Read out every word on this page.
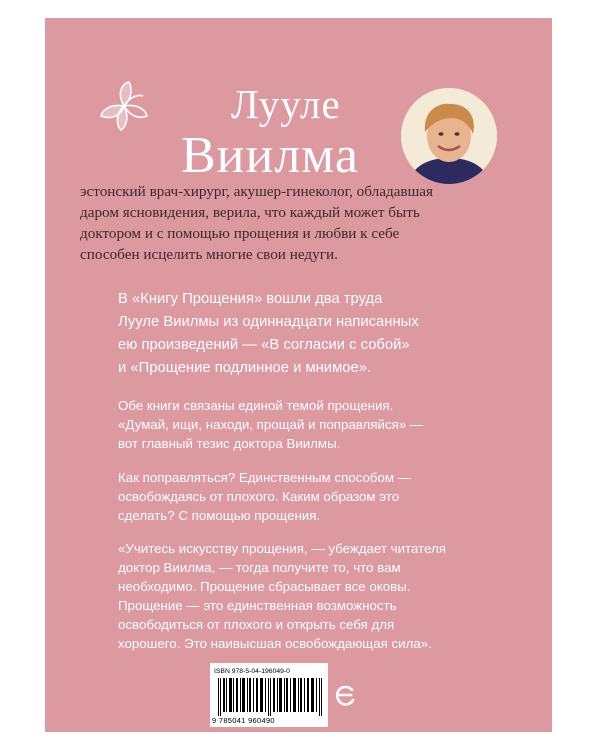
Лууле
Виилма

эстонский врач-хирург, акушер-гинеколог, обладавшая

даром ясновидения, верила, что каждый может быть

доктором и с помощью прощения и любви к себе

способен исцелить многие свои недуги.

В «Книгу Прощения» вошли два труда

Лууле Виилмы из одиннадцати написанных

ею произведений — «В согласии с собой»

и «Прощение подлинное и мнимое».

Обе книги связаны единой темой прощения.

«Думай, ищи, находи, прощай и поправляйся» —

вот главный тезис доктора Виилмы.

Как поправляться? Единственным способом —

освобождаясь от плохого. Каким образом это

сделать? С помощью прощения.

«Учитесь искусству прощения, — убеждает читателя

доктор Виилма, — тогда получите то, что вам

необходимо. Прощение сбрасывает все оковы.

Прощение — это единственная возможность

освободиться от плохого и открыть себя для

хорошего. Это наивысшая освобождающая сила».

ISBN 978-5-04-196049-0
9 785041 960490
